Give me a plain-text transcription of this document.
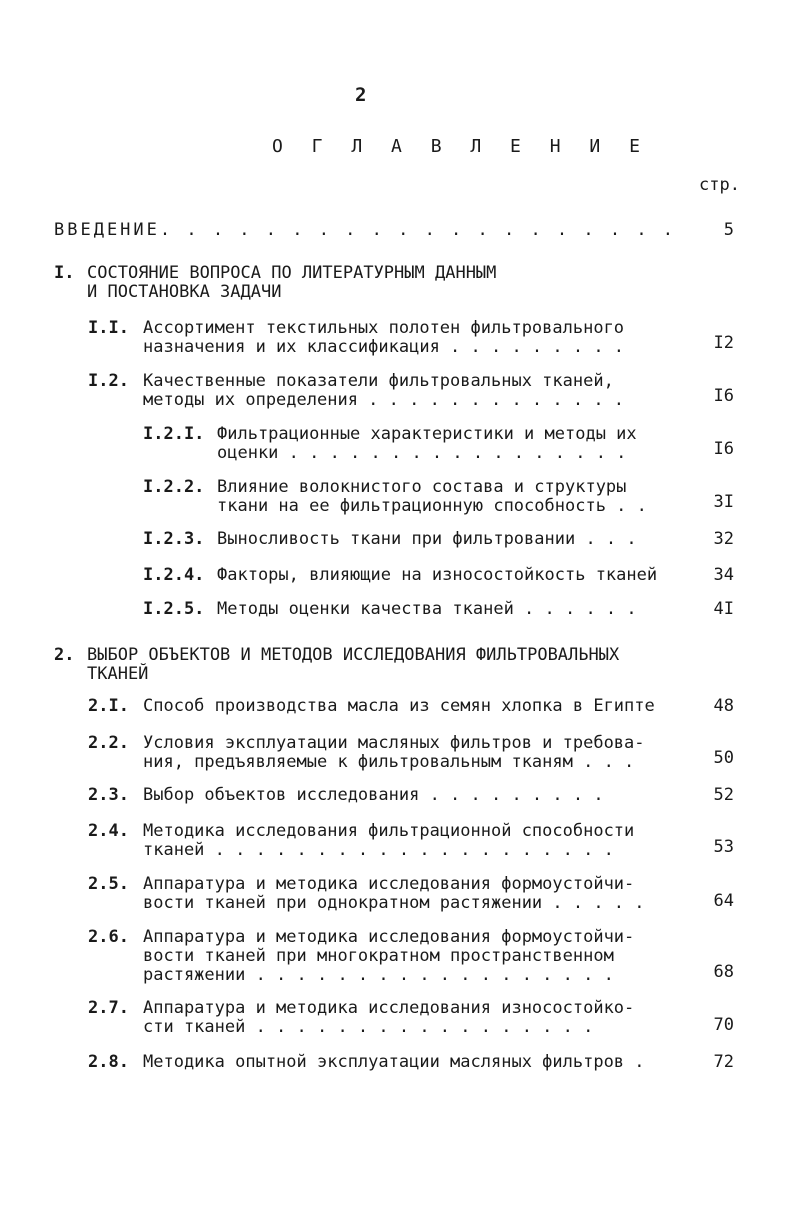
2
О Г Л А В Л Е Н И Е
стр.
ВВЕДЕНИЕ. . . . . . . . . . . . . . . . . . . .	5
I. СОСТОЯНИЕ ВОПРОСА ПО ЛИТЕРАТУРНЫМ ДАННЫМ
И ПОСТАНОВКА ЗАДАЧИ
I.I. Ассортимент текстильных полотен фильтровального
назначения и их классификация . . . . . . . . .	I2
I.2. Качественные показатели фильтровальных тканей,
методы их определения . . . . . . . . . . . . .	I6
I.2.I. Фильтрационные характеристики и методы их
оценки . . . . . . . . . . . . . . . . .	I6
I.2.2. Влияние волокнистого состава и структуры
ткани на ее фильтрационную способность . .	3I
I.2.3. Выносливость ткани при фильтровании . . .	32
I.2.4. Факторы, влияющие на износостойкость тканей	34
I.2.5. Методы оценки качества тканей . . . . . .	4I
2. ВЫБОР ОБЪЕКТОВ И МЕТОДОВ ИССЛЕДОВАНИЯ ФИЛЬТРОВАЛЬНЫХ
ТКАНЕЙ
2.I. Способ производства масла из семян хлопка в Египте	48
2.2. Условия эксплуатации масляных фильтров и требова-
ния, предъявляемые к фильтровальным тканям . . .	50
2.3. Выбор объектов исследования . . . . . . . . .	52
2.4. Методика исследования фильтрационной способности
тканей . . . . . . . . . . . . . . . . . . . .	53
2.5. Аппаратура и методика исследования формоустойчи-
вости тканей при однократном растяжении . . . . .	64
2.6. Аппаратура и методика исследования формоустойчи-
вости тканей при многократном пространственном
растяжении . . . . . . . . . . . . . . . . . .	68
2.7. Аппаратура и методика исследования износостойко-
сти тканей . . . . . . . . . . . . . . . . .	70
2.8. Методика опытной эксплуатации масляных фильтров .	72
